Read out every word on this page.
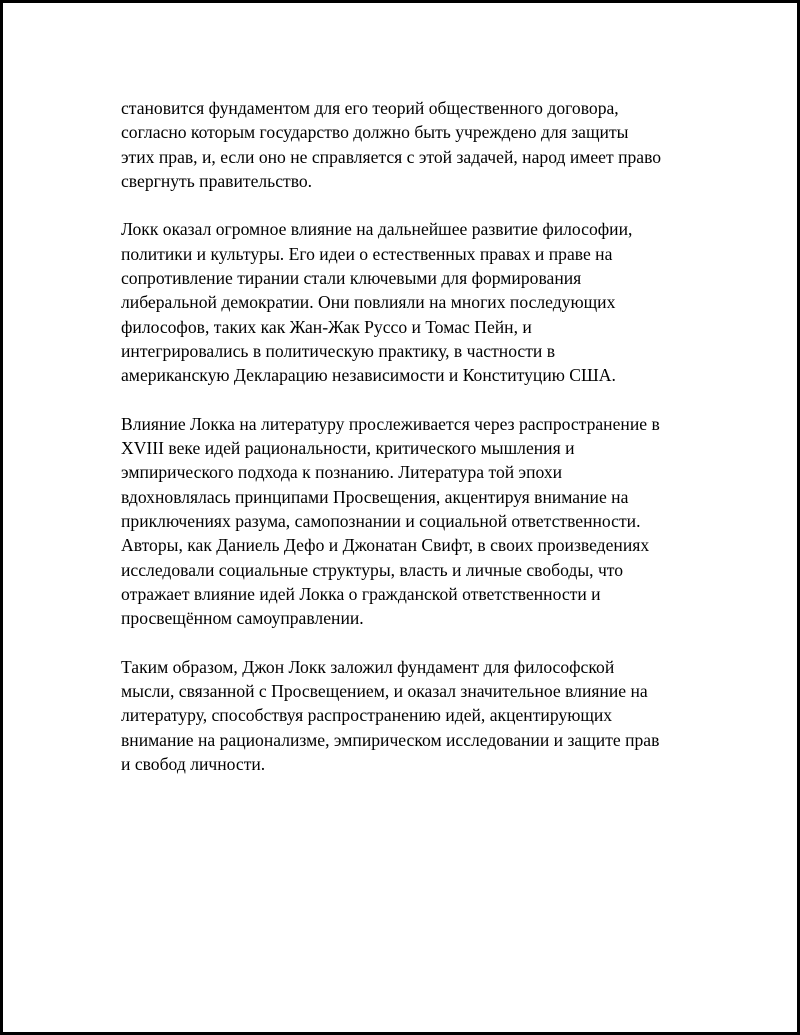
становится фундаментом для его теорий общественного договора,
согласно которым государство должно быть учреждено для защиты
этих прав, и, если оно не справляется с этой задачей, народ имеет право
свергнуть правительство.

Локк оказал огромное влияние на дальнейшее развитие философии,
политики и культуры. Его идеи о естественных правах и праве на
сопротивление тирании стали ключевыми для формирования
либеральной демократии. Они повлияли на многих последующих
философов, таких как Жан-Жак Руссо и Томас Пейн, и
интегрировались в политическую практику, в частности в
американскую Декларацию независимости и Конституцию США.

Влияние Локка на литературу прослеживается через распространение в
XVIII веке идей рациональности, критического мышления и
эмпирического подхода к познанию. Литература той эпохи
вдохновлялась принципами Просвещения, акцентируя внимание на
приключениях разума, самопознании и социальной ответственности.
Авторы, как Даниель Дефо и Джонатан Свифт, в своих произведениях
исследовали социальные структуры, власть и личные свободы, что
отражает влияние идей Локка о гражданской ответственности и
просвещённом самоуправлении.

Таким образом, Джон Локк заложил фундамент для философской
мысли, связанной с Просвещением, и оказал значительное влияние на
литературу, способствуя распространению идей, акцентирующих
внимание на рационализме, эмпирическом исследовании и защите прав
и свобод личности.
